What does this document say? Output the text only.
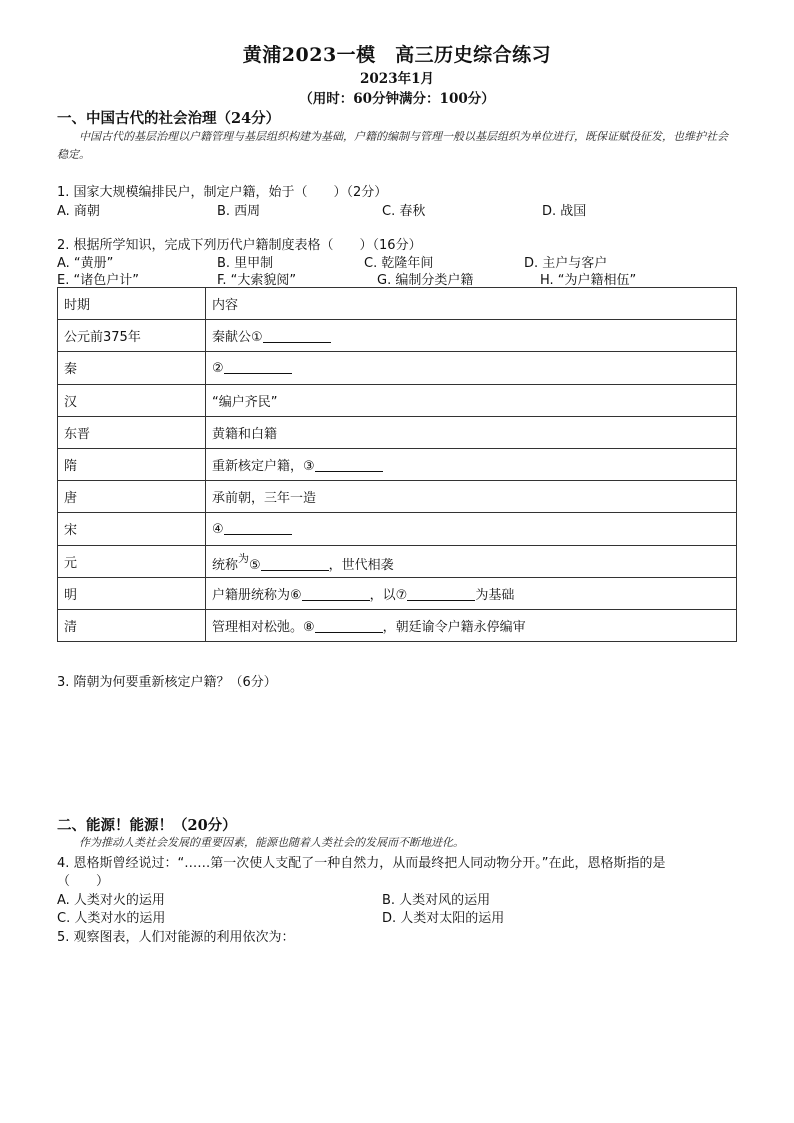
黄浦2023一模　高三历史综合练习
2023年1月
（用时：60分钟满分：100分）
一、中国古代的社会治理（24分）
中国古代的基层治理以户籍管理与基层组织构建为基础，户籍的编制与管理一般以基层组织为单位进行，既保证赋役征发，也维护社会稳定。
1. 国家大规模编排民户，制定户籍，始于（　　）（2分）
A. 商朝	B. 西周	C. 春秋	D. 战国
2. 根据所学知识，完成下列历代户籍制度表格（　　）（16分）
A. “黄册”	B. 里甲制	C. 乾隆年间	D. 主户与客户
E. “诸色户计”	F. “大索貌阅”	G. 编制分类户籍	H. “为户籍相伍”
时期	内容
公元前375年	秦献公①
秦	②
汉	“编户齐民”
东晋	黄籍和白籍
隋	重新核定户籍，③
唐	承前朝，三年一造
宋	④
元	统称$^为$⑤ ，世代相袭
明	户籍册统称为⑥ ，以⑦ 为基础
清	管理相对松弛。⑧ ，朝廷谕令户籍永停编审
3. 隋朝为何要重新核定户籍？（6分）
二、能源！能源！（20分）
作为推动人类社会发展的重要因素，能源也随着人类社会的发展而不断地进化。
4. 恩格斯曾经说过：“……第一次使人支配了一种自然力，从而最终把人同动物分开。”在此，恩格斯指的是
（　　）
A. 人类对火的运用	B. 人类对风的运用
C. 人类对水的运用	D. 人类对太阳的运用
5. 观察图表，人们对能源的利用依次为：
